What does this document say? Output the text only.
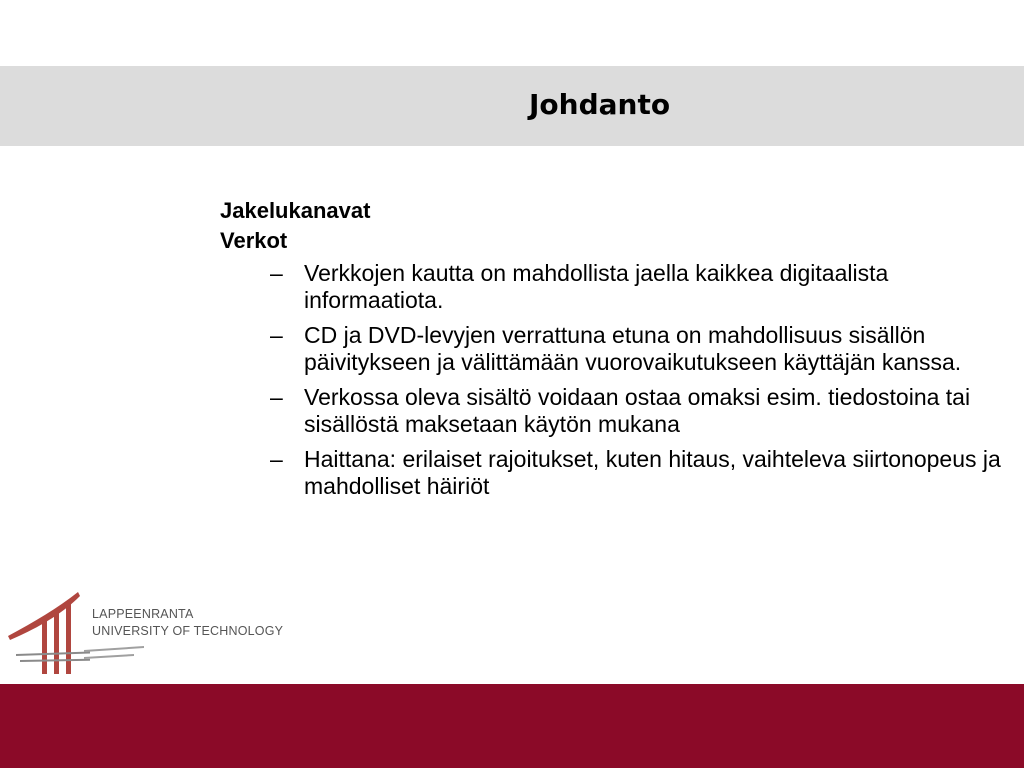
Johdanto

Jakelukanavat

Verkot

– Verkkojen kautta on mahdollista jaella kaikkea digitaalista informaatiota.
– CD ja DVD-levyjen verrattuna etuna on mahdollisuus sisällön päivitykseen ja välittämään vuorovaikutukseen käyttäjän kanssa.
– Verkossa oleva sisältö voidaan ostaa omaksi esim. tiedostoina tai sisällöstä maksetaan käytön mukana
– Haittana: erilaiset rajoitukset, kuten hitaus, vaihteleva siirtonopeus ja mahdolliset häiriöt
LAPPEENRANTA
UNIVERSITY OF TECHNOLOGY
